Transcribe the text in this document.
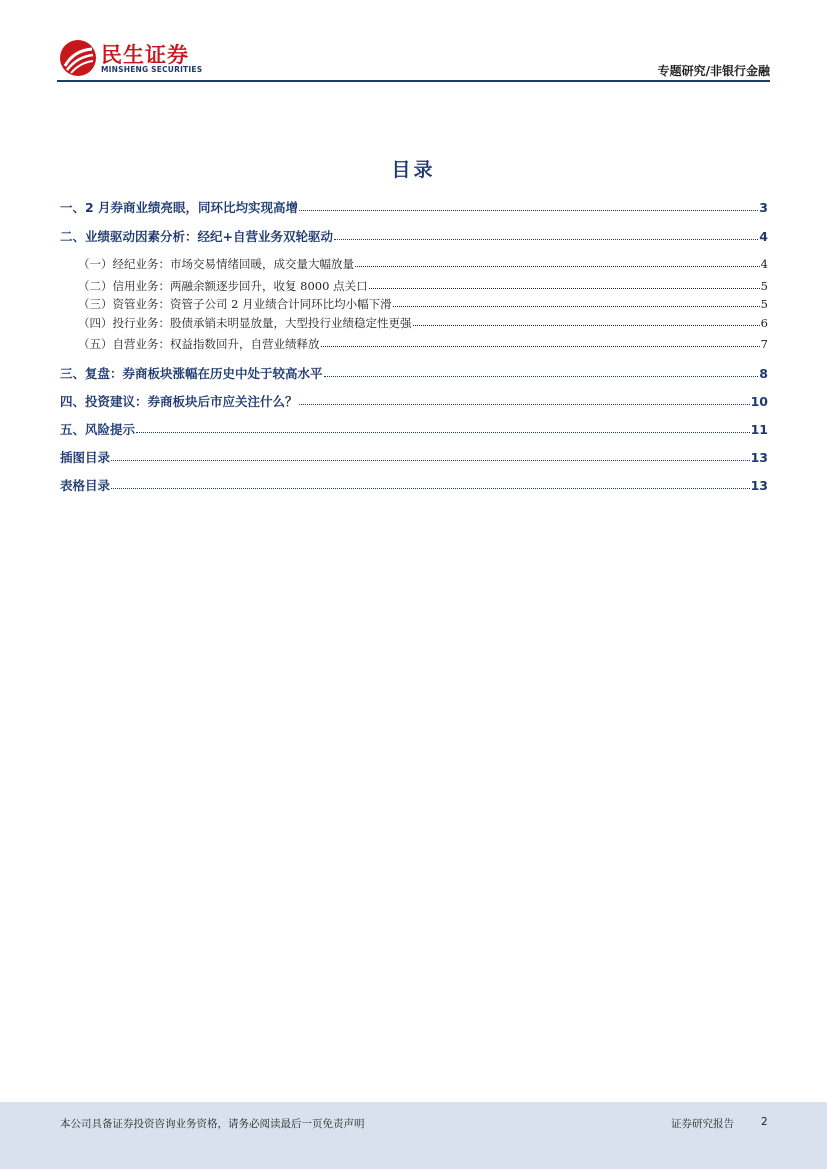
民生证券
MINSHENG SECURITIES	专题研究/非银行金融
目录
一、2 月券商业绩亮眼，同环比均实现高增	3
二、业绩驱动因素分析：经纪+自营业务双轮驱动	4
（一）经纪业务：市场交易情绪回暖，成交量大幅放量	4
（二）信用业务：两融余额逐步回升，收复 8000 点关口	5
（三）资管业务：资管子公司 2 月业绩合计同环比均小幅下滑	5
（四）投行业务：股债承销未明显放量，大型投行业绩稳定性更强	6
（五）自营业务：权益指数回升，自营业绩释放	7
三、复盘：券商板块涨幅在历史中处于较高水平	8
四、投资建议：券商板块后市应关注什么？	10
五、风险提示	11
插图目录	13
表格目录	13
本公司具备证券投资咨询业务资格，请务必阅读最后一页免责声明	证券研究报告	2
